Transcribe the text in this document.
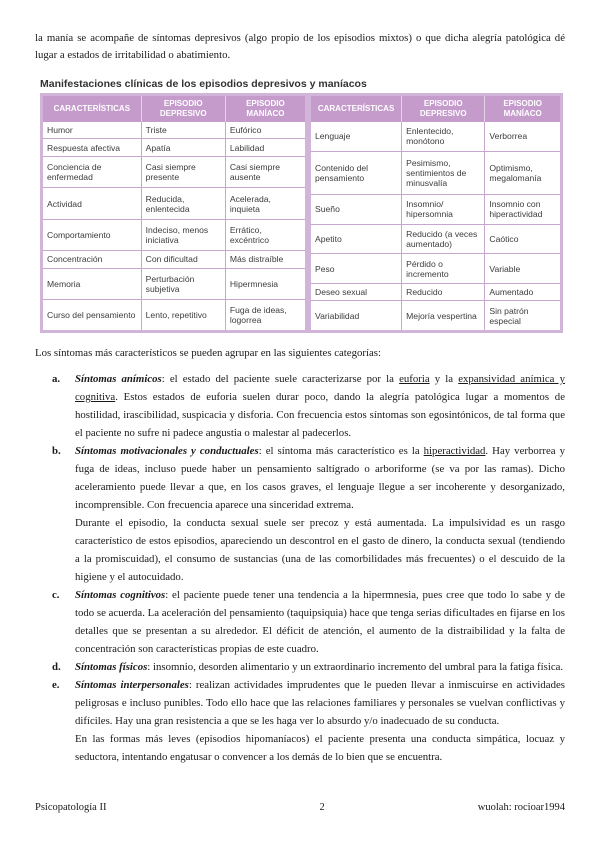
la manía se acompañe de síntomas depresivos (algo propio de los episodios mixtos) o que dicha alegría patológica dé lugar a estados de irritabilidad o abatimiento.

Manifestaciones clínicas de los episodios depresivos y maníacos
CARACTERÍSTICAS	EPISODIO DEPRESIVO	EPISODIO MANÍACO
Humor	Triste	Eufórico
Respuesta afectiva	Apatía	Labilidad
Conciencia de enfermedad	Casi siempre presente	Casi siempre ausente
Actividad	Reducida, enlentecida	Acelerada, inquieta
Comportamiento	Indeciso, menos iniciativa	Errático, excéntrico
Concentración	Con dificultad	Más distraíble
Memoria	Perturbación subjetiva	Hipermnesia
Curso del pensamiento	Lento, repetitivo	Fuga de ideas, logorrea
CARACTERÍSTICAS	EPISODIO DEPRESIVO	EPISODIO MANÍACO
Lenguaje	Enlentecido, monótono	Verborrea
Contenido del pensamiento	Pesimismo, sentimientos de minusvalía	Optimismo, megalomanía
Sueño	Insomnio/ hipersomnia	Insomnio con hiperactividad
Apetito	Reducido (a veces aumentado)	Caótico
Peso	Pérdido o incremento	Variable
Deseo sexual	Reducido	Aumentado
Variabilidad	Mejoría vespertina	Sin patrón especial
Los síntomas más característicos se pueden agrupar en las siguientes categorías:
a.	Síntomas anímicos: el estado del paciente suele caracterizarse por la euforia y la expansividad anímica y cognitiva. Estos estados de euforia suelen durar poco, dando la alegría patológica lugar a momentos de hostilidad, irascibilidad, suspicacia y disforia. Con frecuencia estos síntomas son egosintónicos, de tal forma que el paciente no sufre ni padece angustia o malestar al padecerlos.

b.	Síntomas motivacionales y conductuales: el síntoma más característico es la hiperactividad. Hay verborrea y fuga de ideas, incluso puede haber un pensamiento saltígrado o arboriforme (se va por las ramas). Dicho aceleramiento puede llevar a que, en los casos graves, el lenguaje llegue a ser incoherente y desorganizado, incomprensible. Con frecuencia aparece una sinceridad extrema.

Durante el episodio, la conducta sexual suele ser precoz y está aumentada. La impulsividad es un rasgo característico de estos episodios, apareciendo un descontrol en el gasto de dinero, la conducta sexual (tendiendo a la promiscuidad), el consumo de sustancias (una de las comorbilidades más frecuentes) o el descuido de la higiene y el autocuidado.

c.	Síntomas cognitivos: el paciente puede tener una tendencia a la hipermnesia, pues cree que todo lo sabe y de todo se acuerda. La aceleración del pensamiento (taquipsiquia) hace que tenga serias dificultades en fijarse en los detalles que se presentan a su alrededor. El déficit de atención, el aumento de la distraibilidad y la falta de concentración son características propias de este cuadro.

d.	Síntomas físicos: insomnio, desorden alimentario y un extraordinario incremento del umbral para la fatiga física.

e.	Síntomas interpersonales: realizan actividades imprudentes que le pueden llevar a inmiscuirse en actividades peligrosas e incluso punibles. Todo ello hace que las relaciones familiares y personales se vuelvan conflictivas y difíciles. Hay una gran resistencia a que se les haga ver lo absurdo y/o inadecuado de su conducta.

En las formas más leves (episodios hipomaníacos) el paciente presenta una conducta simpática, locuaz y seductora, intentando engatusar o convencer a los demás de lo bien que se encuentra.

Psicopatología II	2	wuolah: rocioar1994
